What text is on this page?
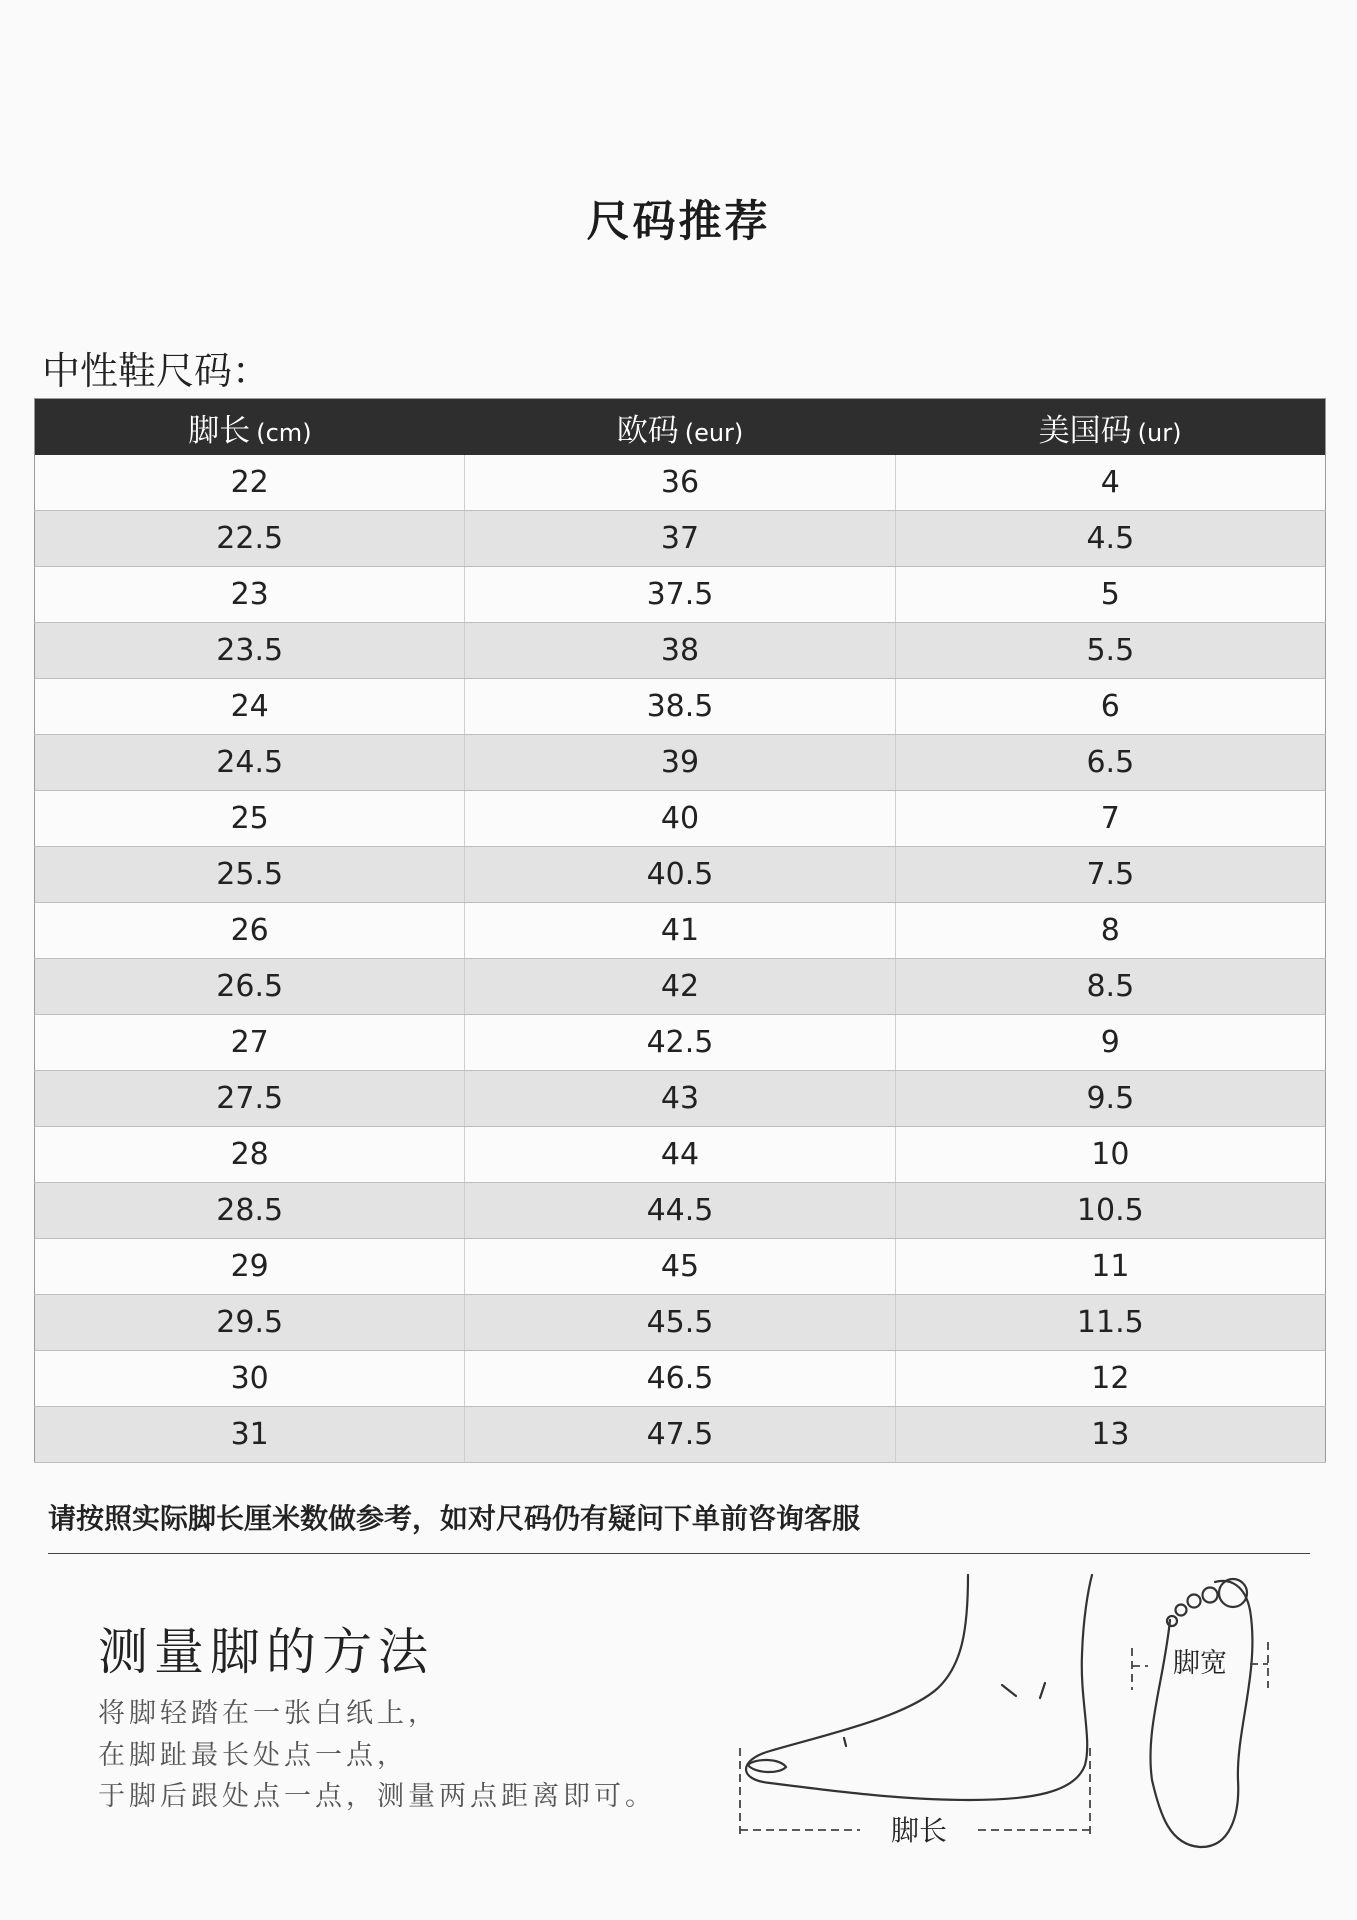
尺码推荐
中性鞋尺码：
脚长 (cm)	欧码 (eur)	美国码 (ur)
22	36	4
22.5	37	4.5
23	37.5	5
23.5	38	5.5
24	38.5	6
24.5	39	6.5
25	40	7
25.5	40.5	7.5
26	41	8
26.5	42	8.5
27	42.5	9
27.5	43	9.5
28	44	10
28.5	44.5	10.5
29	45	11
29.5	45.5	11.5
30	46.5	12
31	47.5	13
请按照实际脚长厘米数做参考，如对尺码仍有疑问下单前咨询客服
测量脚的方法
将脚轻踏在一张白纸上，
在脚趾最长处点一点，
于脚后跟处点一点，测量两点距离即可。
脚长
脚宽
